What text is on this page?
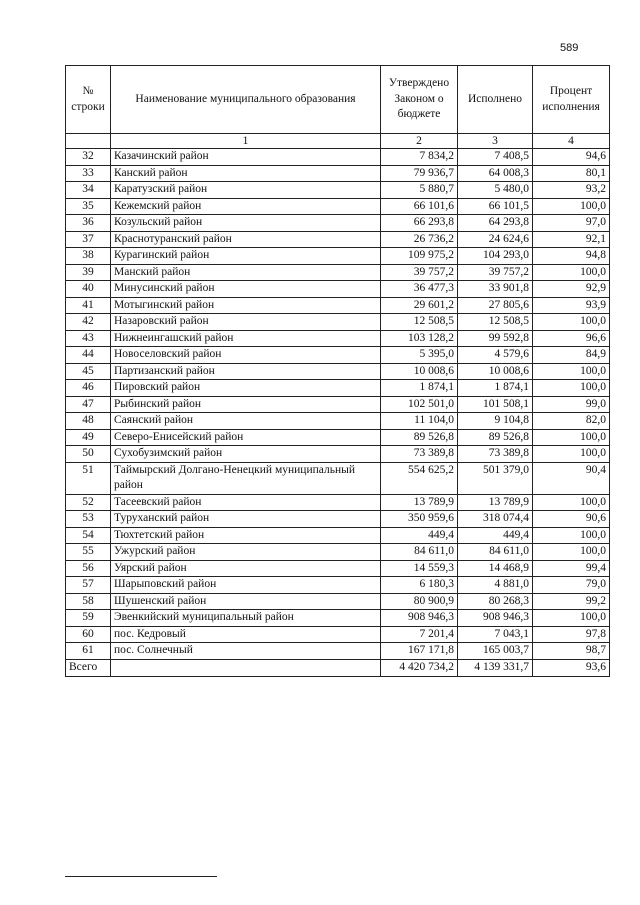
589
№ строки	Наименование муниципального образования	Утверждено Законом о бюджете	Исполнено	Процент исполнения
	1	2	3	4
32	Казачинский район	7 834,2	7 408,5	94,6
33	Канский район	79 936,7	64 008,3	80,1
34	Каратузский район	5 880,7	5 480,0	93,2
35	Кежемский район	66 101,6	66 101,5	100,0
36	Козульский район	66 293,8	64 293,8	97,0
37	Краснотуранский район	26 736,2	24 624,6	92,1
38	Курагинский район	109 975,2	104 293,0	94,8
39	Манский район	39 757,2	39 757,2	100,0
40	Минусинский район	36 477,3	33 901,8	92,9
41	Мотыгинский район	29 601,2	27 805,6	93,9
42	Назаровский район	12 508,5	12 508,5	100,0
43	Нижнеингашский район	103 128,2	99 592,8	96,6
44	Новоселовский район	5 395,0	4 579,6	84,9
45	Партизанский район	10 008,6	10 008,6	100,0
46	Пировский район	1 874,1	1 874,1	100,0
47	Рыбинский район	102 501,0	101 508,1	99,0
48	Саянский район	11 104,0	9 104,8	82,0
49	Северо-Енисейский район	89 526,8	89 526,8	100,0
50	Сухобузимский район	73 389,8	73 389,8	100,0
51	Таймырский Долгано-Ненецкий муниципальный район	554 625,2	501 379,0	90,4
52	Тасеевский район	13 789,9	13 789,9	100,0
53	Туруханский район	350 959,6	318 074,4	90,6
54	Тюхтетский район	449,4	449,4	100,0
55	Ужурский район	84 611,0	84 611,0	100,0
56	Уярский район	14 559,3	14 468,9	99,4
57	Шарыповский район	6 180,3	4 881,0	79,0
58	Шушенский район	80 900,9	80 268,3	99,2
59	Эвенкийский муниципальный район	908 946,3	908 946,3	100,0
60	пос. Кедровый	7 201,4	7 043,1	97,8
61	пос. Солнечный	167 171,8	165 003,7	98,7
Всего		4 420 734,2	4 139 331,7	93,6
